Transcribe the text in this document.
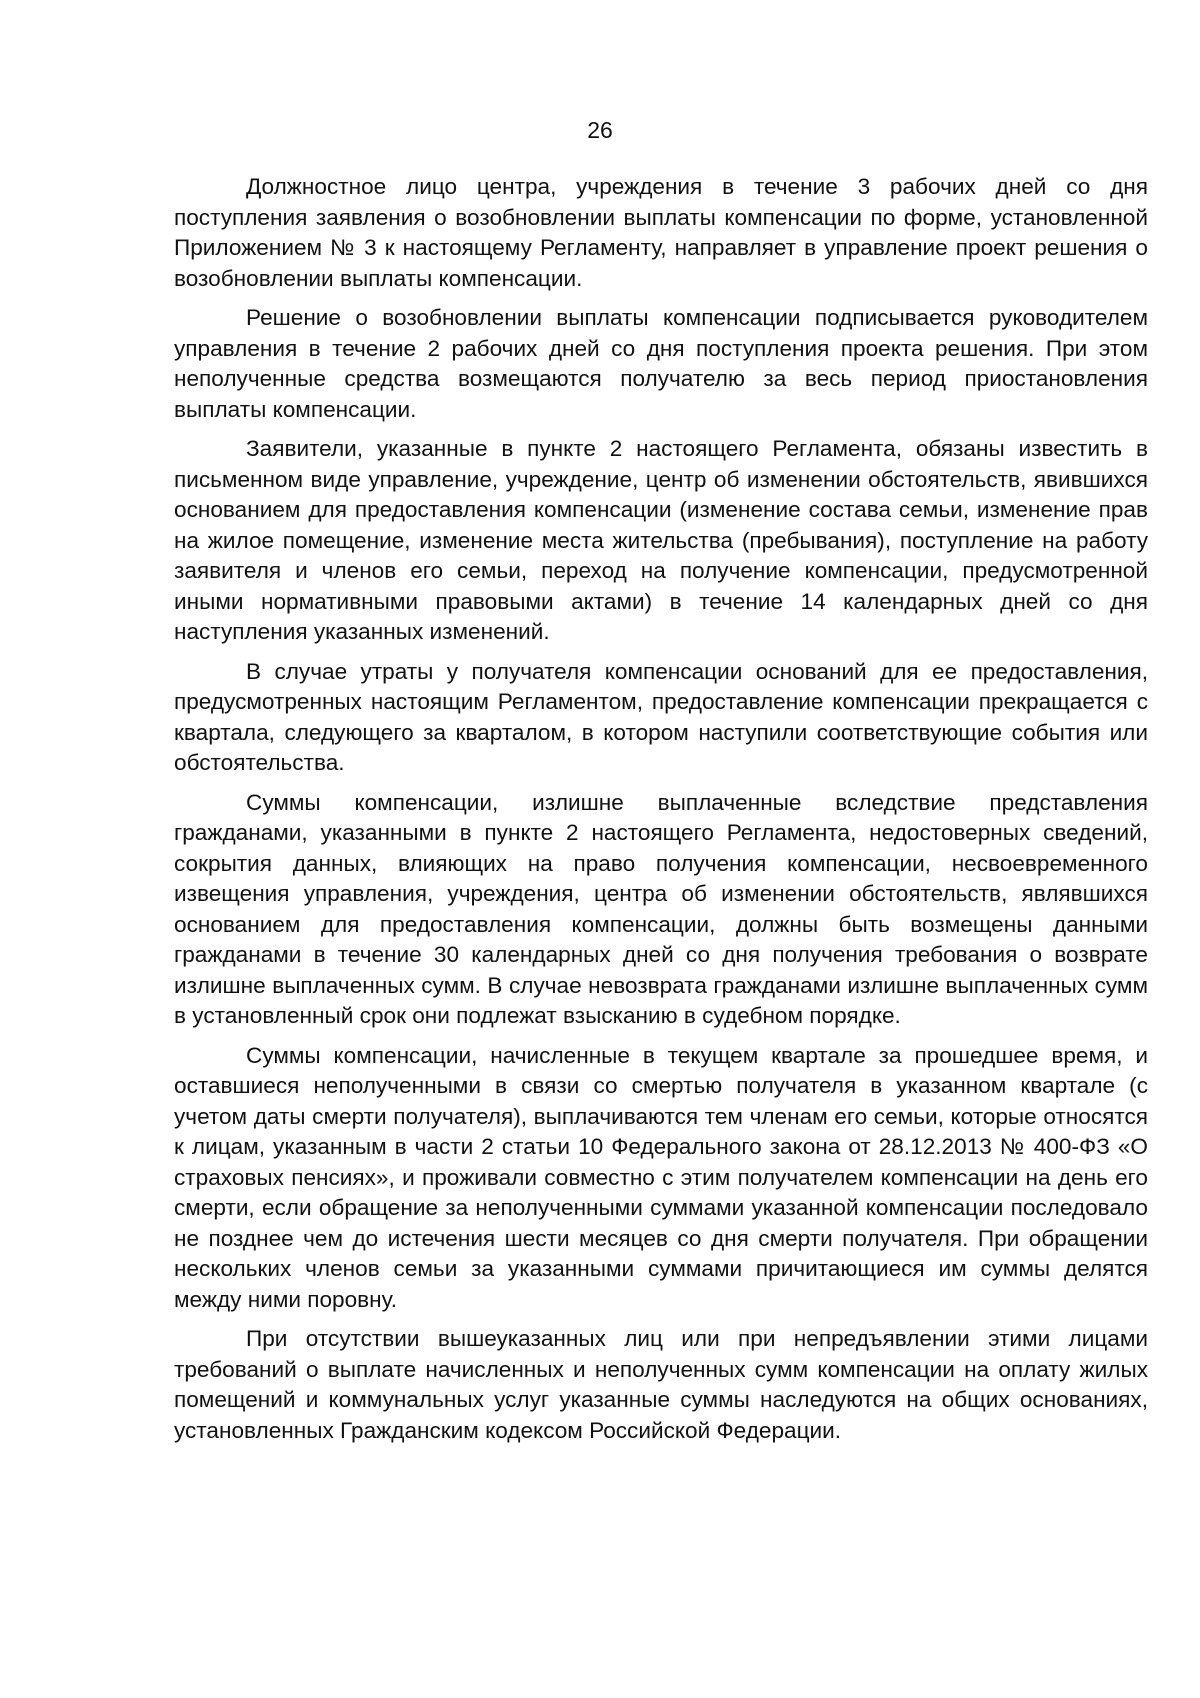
26

Должностное лицо центра, учреждения в течение 3 рабочих дней со дня поступления заявления о возобновлении выплаты компенсации по форме, установленной Приложением № 3 к настоящему Регламенту, направляет в управление проект решения о возобновлении выплаты компенсации.

Решение о возобновлении выплаты компенсации подписывается руководителем управления в течение 2 рабочих дней со дня поступления проекта решения. При этом неполученные средства возмещаются получателю за весь период приостановления выплаты компенсации.

Заявители, указанные в пункте 2 настоящего Регламента, обязаны известить в письменном виде управление, учреждение, центр об изменении обстоятельств, явившихся основанием для предоставления компенсации (изменение состава семьи, изменение прав на жилое помещение, изменение места жительства (пребывания), поступление на работу заявителя и членов его семьи, переход на получение компенсации, предусмотренной иными нормативными правовыми актами) в течение 14 календарных дней со дня наступления указанных изменений.

В случае утраты у получателя компенсации оснований для ее предоставления, предусмотренных настоящим Регламентом, предоставление компенсации прекращается с квартала, следующего за кварталом, в котором наступили соответствующие события или обстоятельства.

Суммы компенсации, излишне выплаченные вследствие представления гражданами, указанными в пункте 2 настоящего Регламента, недостоверных сведений, сокрытия данных, влияющих на право получения компенсации, несвоевременного извещения управления, учреждения, центра об изменении обстоятельств, являвшихся основанием для предоставления компенсации, должны быть возмещены данными гражданами в течение 30 календарных дней со дня получения требования о возврате излишне выплаченных сумм. В случае невозврата гражданами излишне выплаченных сумм в установленный срок они подлежат взысканию в судебном порядке.

Суммы компенсации, начисленные в текущем квартале за прошедшее время, и оставшиеся неполученными в связи со смертью получателя в указанном квартале (с учетом даты смерти получателя), выплачиваются тем членам его семьи, которые относятся к лицам, указанным в части 2 статьи 10 Федерального закона от 28.12.2013 № 400-ФЗ «О страховых пенсиях», и проживали совместно с этим получателем компенсации на день его смерти, если обращение за неполученными суммами указанной компенсации последовало не позднее чем до истечения шести месяцев со дня смерти получателя. При обращении нескольких членов семьи за указанными суммами причитающиеся им суммы делятся между ними поровну.

При отсутствии вышеуказанных лиц или при непредъявлении этими лицами требований о выплате начисленных и неполученных сумм компенсации на оплату жилых помещений и коммунальных услуг указанные суммы наследуются на общих основаниях, установленных Гражданским кодексом Российской Федерации.
